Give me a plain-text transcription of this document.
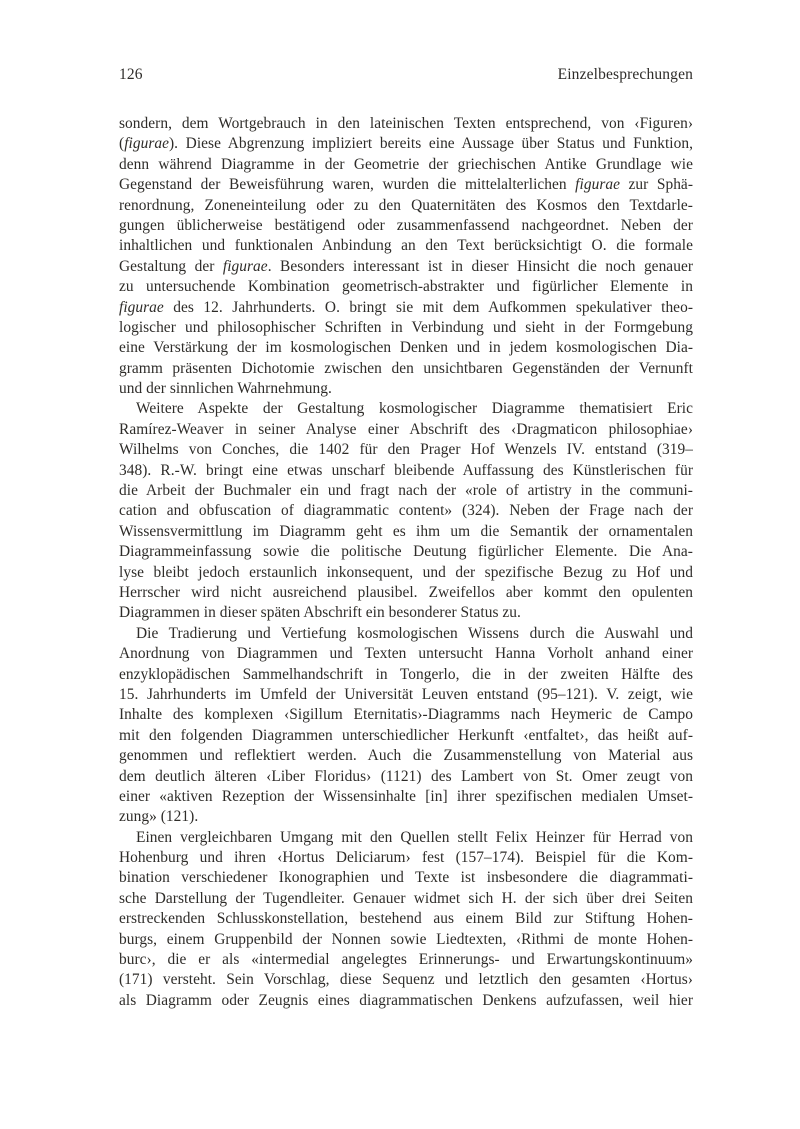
126	Einzelbesprechungen
sondern, dem Wortgebrauch in den lateinischen Texten entsprechend, von ‹Figuren›
(figurae). Diese Abgrenzung impliziert bereits eine Aussage über Status und Funktion,
denn während Diagramme in der Geometrie der griechischen Antike Grundlage wie
Gegenstand der Beweisführung waren, wurden die mittelalterlichen figurae zur Sphä-
renordnung, Zoneneinteilung oder zu den Quaternitäten des Kosmos den Textdarle-
gungen üblicherweise bestätigend oder zusammenfassend nachgeordnet. Neben der
inhaltlichen und funktionalen Anbindung an den Text berücksichtigt O. die formale
Gestaltung der figurae. Besonders interessant ist in dieser Hinsicht die noch genauer
zu untersuchende Kombination geometrisch-abstrakter und figürlicher Elemente in
figurae des 12. Jahrhunderts. O. bringt sie mit dem Aufkommen spekulativer theo-
logischer und philosophischer Schriften in Verbindung und sieht in der Formgebung
eine Verstärkung der im kosmologischen Denken und in jedem kosmologischen Dia-
gramm präsenten Dichotomie zwischen den unsichtbaren Gegenständen der Vernunft
und der sinnlichen Wahrnehmung.
Weitere Aspekte der Gestaltung kosmologischer Diagramme thematisiert Eric
Ramírez-Weaver in seiner Analyse einer Abschrift des ‹Dragmaticon philosophiae›
Wilhelms von Conches, die 1402 für den Prager Hof Wenzels IV. entstand (319–
348). R.-W. bringt eine etwas unscharf bleibende Auffassung des Künstlerischen für
die Arbeit der Buchmaler ein und fragt nach der «role of artistry in the communi-
cation and obfuscation of diagrammatic content» (324). Neben der Frage nach der
Wissensvermittlung im Diagramm geht es ihm um die Semantik der ornamentalen
Diagrammeinfassung sowie die politische Deutung figürlicher Elemente. Die Ana-
lyse bleibt jedoch erstaunlich inkonsequent, und der spezifische Bezug zu Hof und
Herrscher wird nicht ausreichend plausibel. Zweifellos aber kommt den opulenten
Diagrammen in dieser späten Abschrift ein besonderer Status zu.
Die Tradierung und Vertiefung kosmologischen Wissens durch die Auswahl und
Anordnung von Diagrammen und Texten untersucht Hanna Vorholt anhand einer
enzyklopädischen Sammelhandschrift in Tongerlo, die in der zweiten Hälfte des
15. Jahrhunderts im Umfeld der Universität Leuven entstand (95–121). V. zeigt, wie
Inhalte des komplexen ‹Sigillum Eternitatis›-Diagramms nach Heymeric de Campo
mit den folgenden Diagrammen unterschiedlicher Herkunft ‹entfaltet›, das heißt auf-
genommen und reflektiert werden. Auch die Zusammenstellung von Material aus
dem deutlich älteren ‹Liber Floridus› (1121) des Lambert von St. Omer zeugt von
einer «aktiven Rezeption der Wissensinhalte [in] ihrer spezifischen medialen Umset-
zung» (121).
Einen vergleichbaren Umgang mit den Quellen stellt Felix Heinzer für Herrad von
Hohenburg und ihren ‹Hortus Deliciarum› fest (157–174). Beispiel für die Kom-
bination verschiedener Ikonographien und Texte ist insbesondere die diagrammati-
sche Darstellung der Tugendleiter. Genauer widmet sich H. der sich über drei Seiten
erstreckenden Schlusskonstellation, bestehend aus einem Bild zur Stiftung Hohen-
burgs, einem Gruppenbild der Nonnen sowie Liedtexten, ‹Rithmi de monte Hohen-
burc›, die er als «intermedial angelegtes Erinnerungs- und Erwartungskontinuum»
(171) versteht. Sein Vorschlag, diese Sequenz und letztlich den gesamten ‹Hortus›
als Diagramm oder Zeugnis eines diagrammatischen Denkens aufzufassen, weil hier
